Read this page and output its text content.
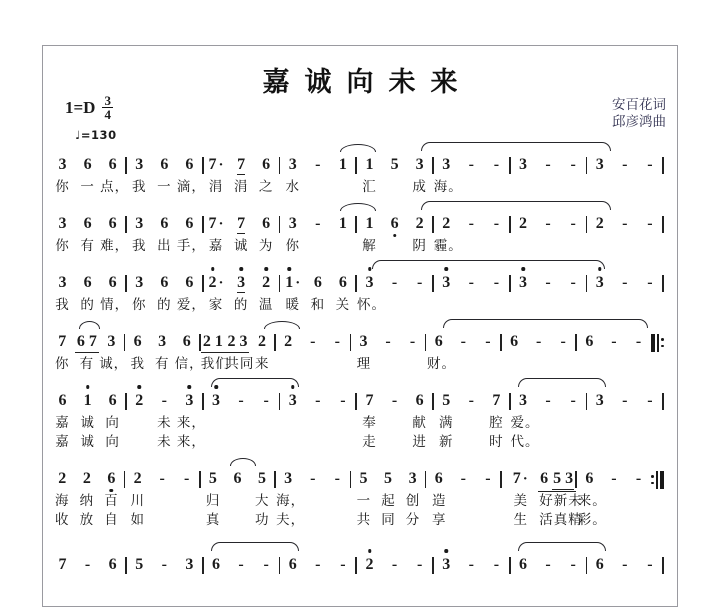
嘉诚向未来
$1=D \frac{3}{4}$
♩=130
安百花词
邱彦鸿曲
3 6 6 3 6 6 7 · 7 6 3 - 1 1 5 3 3 - - 3 - - 3 - -
你 一 点， 我 一 滴， 涓 涓 之 水	汇	成 海。
3 6 6 3 6 6 7 · 7 6 3 - 1 1 6 2 2 - - 2 - - 2 - -
你 有 难， 我 出 手， 嘉 诚 为 你	解	阴 霾。
3 6 6 3 6 6 2 · 3 2 1 · 6 6 3 - - 3 - - 3 - - 3 - -
我 的 情， 你 的 爱， 家 的 温 暖 和 关 怀。
7 6 7 3 6 3 6 2 1 2 3 2 2 - - 3 - - 6 - - 6 - - 6 - -
你 有 诚， 我 有 信，
我们
共同 来	理	财。
6 1 6 2 - 3 3 - - 3 - - 7 - 6 5 - 7 3 - - 3 - -
嘉 诚 向	未 来，	奉	献 满	腔 爱。
嘉 诚 向	未 来，	走	进 新	时 代。
2 2 6 2 - - 5 6 5 3 - - 5 5 3 6 - - 7 · 6 5 3 6 - -
海 纳 百 川	归	大 海，	一 起 创 造	美 好新未
来。
收 放 自 如	真	功 夫，	共 同 分 享	生 活真精
彩。
7 - 6 5 - 3 6 - - 6 - - 2 - - 3 - - 6 - - 6 - -
